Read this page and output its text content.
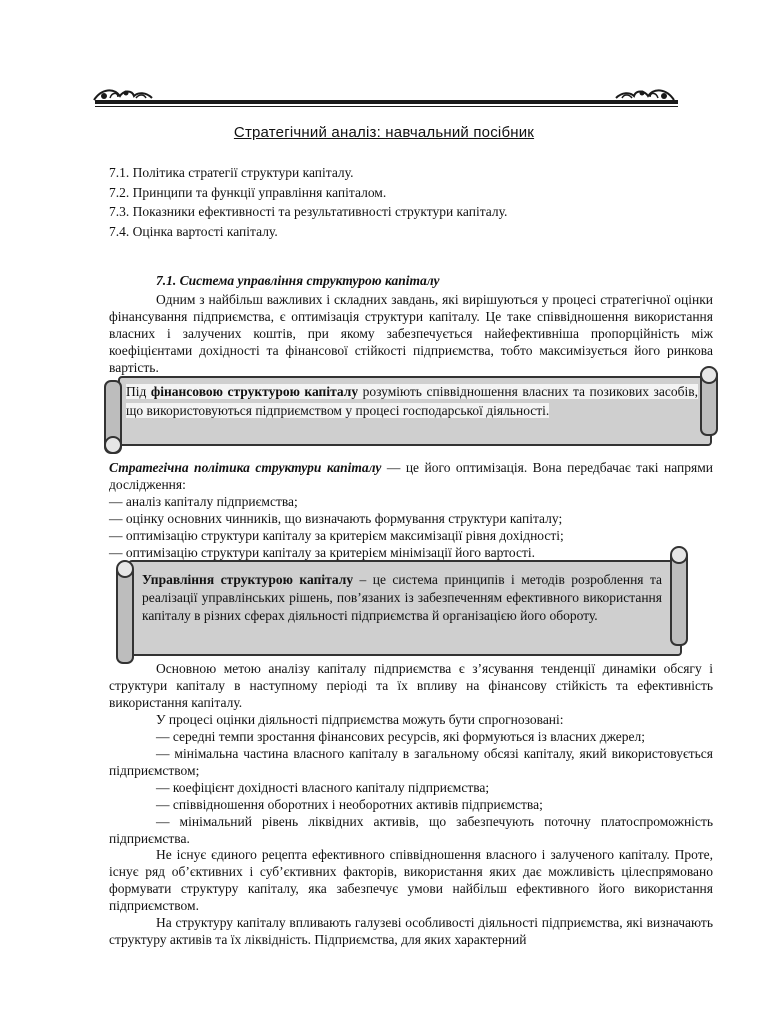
Стратегічний аналіз: навчальний посібник
7.1. Політика стратегії структури капіталу.
7.2. Принципи та функції управління капіталом.
7.3. Показники ефективності та результативності структури капіталу.
7.4. Оцінка вартості капіталу.
7.1. Система управління структурою капіталу
Одним з найбільш важливих і складних завдань, які вирішуються у процесі стратегічної оцінки фінансування підприємства, є оптимізація структури капіталу. Це таке співвідношення використання власних і залучених коштів, при якому забезпечується найефективніша пропорційність між коефіцієнтами дохідності та фінансової стійкості підприємства, тобто максимізується його ринкова вартість.
Під фінансовою структурою капіталу розуміють співвідношення власних та позикових засобів, що використовуються підприємством у процесі господарської діяльності.
Стратегічна політика структури капіталу — це його оптимізація. Вона передбачає такі напрями дослідження:
— аналіз капіталу підприємства;
— оцінку основних чинників, що визначають формування структури капіталу;
— оптимізацію структури капіталу за критерієм максимізації рівня дохідності;
— оптимізацію структури капіталу за критерієм мінімізації його вартості.
Управління структурою капіталу – це система принципів і методів розроблення та реалізації управлінських рішень, пов’язаних із забезпеченням ефективного використання капіталу в різних сферах діяльності підприємства й організацією його обороту.
Основною метою аналізу капіталу підприємства є з’ясування тенденції динаміки обсягу і структури капіталу в наступному періоді та їх впливу на фінансову стійкість та ефективність використання капіталу.
У процесі оцінки діяльності підприємства можуть бути спрогнозовані:
— середні темпи зростання фінансових ресурсів, які формуються із власних джерел;
— мінімальна частина власного капіталу в загальному обсязі капіталу, який використовується підприємством;
— коефіцієнт дохідності власного капіталу підприємства;
— співвідношення оборотних і необоротних активів підприємства;
— мінімальний рівень ліквідних активів, що забезпечують поточну платоспроможність підприємства.
Не існує єдиного рецепта ефективного співвідношення власного і залученого капіталу. Проте, існує ряд об’єктивних і суб’єктивних факторів, використання яких дає можливість цілеспрямовано формувати структуру капіталу, яка забезпечує умови найбільш ефективного його використання підприємством.
На структуру капіталу впливають галузеві особливості діяльності підприємства, які визначають структуру активів та їх ліквідність. Підприємства, для яких характерний
